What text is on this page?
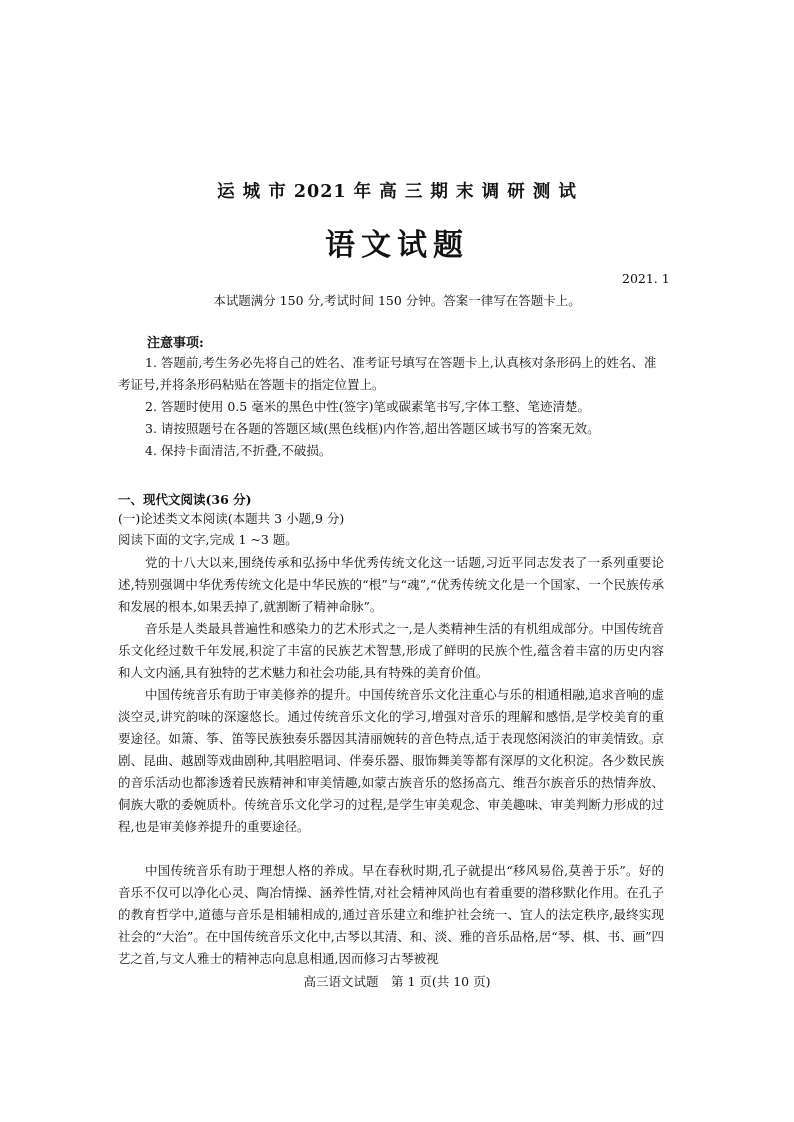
运 城 市 2021 年 高 三 期 末 调 研 测 试
语文试题
2021. 1
本试题满分 150 分,考试时间 150 分钟。答案一律写在答题卡上。
注意事项:
1. 答题前,考生务必先将自己的姓名、准考证号填写在答题卡上,认真核对条形码上的姓名、准考证号,并将条形码粘贴在答题卡的指定位置上。
2. 答题时使用 0.5 毫米的黑色中性(签字)笔或碳素笔书写,字体工整、笔迹清楚。
3. 请按照题号在各题的答题区域(黑色线框)内作答,超出答题区域书写的答案无效。
4. 保持卡面清洁,不折叠,不破损。
一、现代文阅读(36 分)
(一)论述类文本阅读(本题共 3 小题,9 分)
阅读下面的文字,完成 1 ~3 题。
党的十八大以来,围绕传承和弘扬中华优秀传统文化这一话题,习近平同志发表了一系列重要论述,特别强调中华优秀传统文化是中华民族的“根”与“魂”,“优秀传统文化是一个国家、一个民族传承和发展的根本,如果丢掉了,就割断了精神命脉”。
音乐是人类最具普遍性和感染力的艺术形式之一,是人类精神生活的有机组成部分。中国传统音乐文化经过数千年发展,积淀了丰富的民族艺术智慧,形成了鲜明的民族个性,蕴含着丰富的历史内容和人文内涵,具有独特的艺术魅力和社会功能,具有特殊的美育价值。
中国传统音乐有助于审美修养的提升。中国传统音乐文化注重心与乐的相通相融,追求音响的虚淡空灵,讲究韵味的深邃悠长。通过传统音乐文化的学习,增强对音乐的理解和感悟,是学校美育的重要途径。如箫、筝、笛等民族独奏乐器因其清丽婉转的音色特点,适于表现悠闲淡泊的审美情致。京剧、昆曲、越剧等戏曲剧种,其唱腔唱词、伴奏乐器、服饰舞美等都有深厚的文化积淀。各少数民族的音乐活动也都渗透着民族精神和审美情趣,如蒙古族音乐的悠扬高亢、维吾尔族音乐的热情奔放、侗族大歌的委婉质朴。传统音乐文化学习的过程,是学生审美观念、审美趣味、审美判断力形成的过程,也是审美修养提升的重要途径。
中国传统音乐有助于理想人格的养成。早在春秋时期,孔子就提出“移风易俗,莫善于乐”。好的音乐不仅可以净化心灵、陶冶情操、涵养性情,对社会精神风尚也有着重要的潜移默化作用。在孔子的教育哲学中,道德与音乐是相辅相成的,通过音乐建立和维护社会统一、宜人的法定秩序,最终实现社会的“大治”。在中国传统音乐文化中,古琴以其清、和、淡、雅的音乐品格,居“琴、棋、书、画”四艺之首,与文人雅士的精神志向息息相通,因而修习古琴被视
高三语文试题　第 1 页(共 10 页)
